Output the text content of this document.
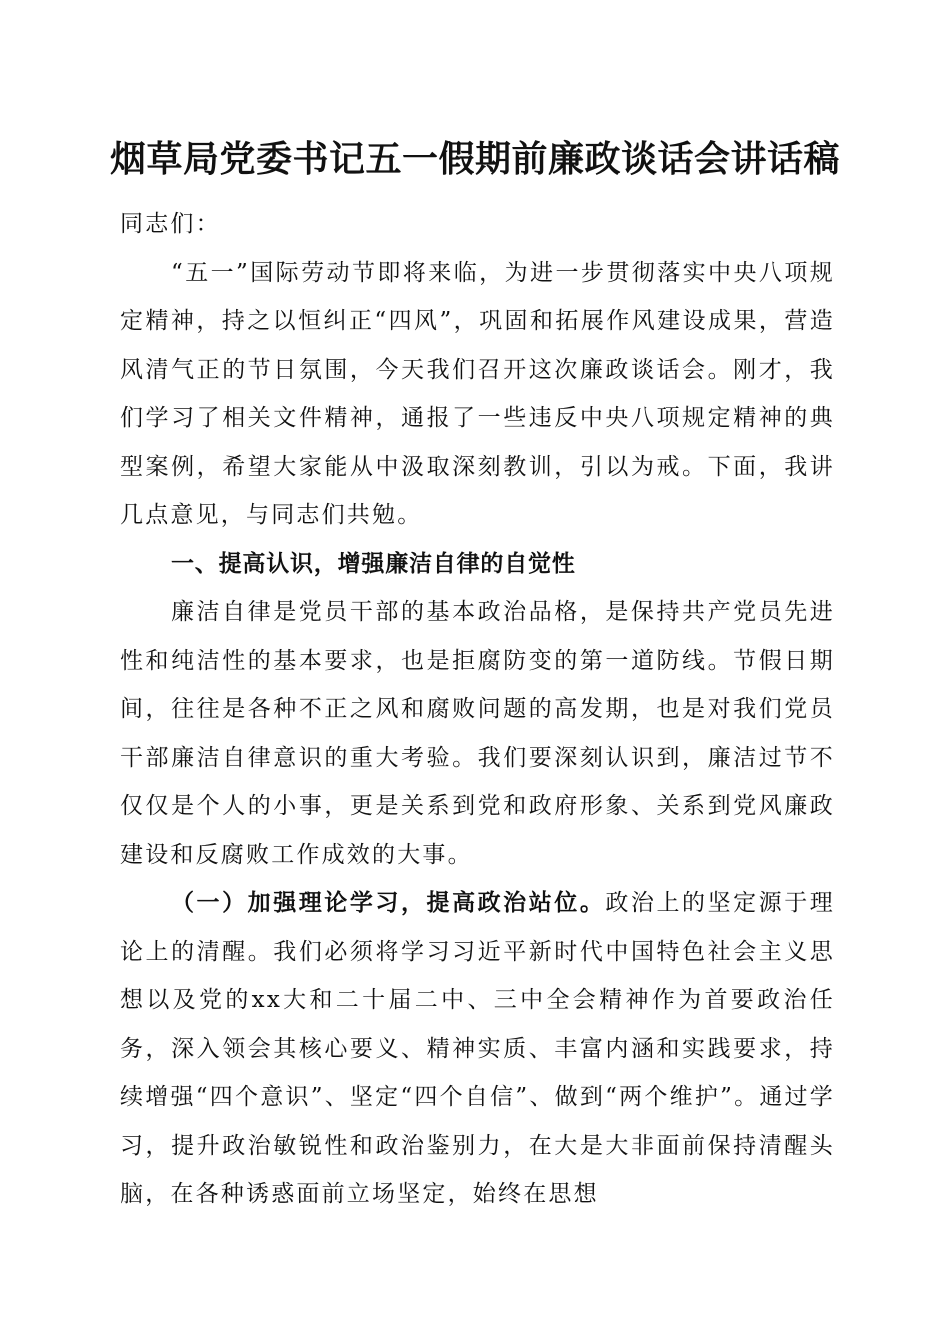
烟草局党委书记五一假期前廉政谈话会讲话稿

同志们：

“五一”国际劳动节即将来临，为进一步贯彻落实中央八项规定精神，持之以恒纠正“四风”，巩固和拓展作风建设成果，营造风清气正的节日氛围，今天我们召开这次廉政谈话会。刚才，我们学习了相关文件精神，通报了一些违反中央八项规定精神的典型案例，希望大家能从中汲取深刻教训，引以为戒。下面，我讲几点意见，与同志们共勉。

一、提高认识，增强廉洁自律的自觉性

廉洁自律是党员干部的基本政治品格，是保持共产党员先进性和纯洁性的基本要求，也是拒腐防变的第一道防线。节假日期间，往往是各种不正之风和腐败问题的高发期，也是对我们党员干部廉洁自律意识的重大考验。我们要深刻认识到，廉洁过节不仅仅是个人的小事，更是关系到党和政府形象、关系到党风廉政建设和反腐败工作成效的大事。

（一）加强理论学习，提高政治站位。政治上的坚定源于理论上的清醒。我们必须将学习习近平新时代中国特色社会主义思想以及党的xx大和二十届二中、三中全会精神作为首要政治任务，深入领会其核心要义、精神实质、丰富内涵和实践要求，持续增强“四个意识”、坚定“四个自信”、做到“两个维护”。通过学习，提升政治敏锐性和政治鉴别力，在大是大非面前保持清醒头脑，在各种诱惑面前立场坚定，始终在思想
